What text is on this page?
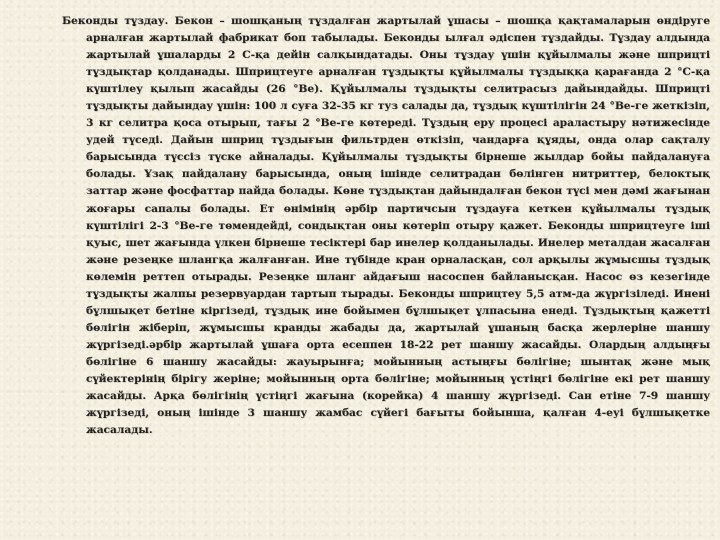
Беконды тұздау. Бекон – шошқаның тұздалған жартылай ұшасы – шошқа қақтамаларын өндіруге арналған жартылай фабрикат боп табылады. Беконды ылғал әдіспен тұздайды. Тұздау алдында жартылай ұшаларды 2 С-қа дейін салқындатады. Оны тұздау үшін құйылмалы және шприцті тұздықтар қолданады. Шприцтеуге арналған тұздықты құйылмалы тұздыққа қарағанда 2 °С-қа күштілеу қылып жасайды (26 °Ве). Құйылмалы тұздықты селитрасыз дайындайды. Шприцті тұздықты дайындау үшін: 100 л суға 32-35 кг туз салады да, тұздық күштілігін 24 °Ве-ге жеткізіп, 3 кг селитра қоса отырып, тағы 2 °Ве-ге көтереді. Тұздың еру процесі араластыру нәтижесінде удей түседі. Дайын шприц тұздығын фильтрден өткізіп, чандарға құяды, онда олар сақталу барысында түссіз түске айналады. Құйылмалы тұздықты бірнеше жылдар бойы пайдалануға болады. Ұзақ пайдалану барысында, оның ішінде селитрадан бөлінген нитриттер, белоктық заттар және фосфаттар пайда болады. Көне тұздықтан дайындалған бекон түсі мен дәмі жағынан жоғары сапалы болады. Ет өнімінің әрбір партичсын тұздауға кеткен құйылмалы тұздық күштілігі 2-3 °Ве-ге төмендейді, сондықтан оны көтеріп отыру қажет. Беконды шприцтеуге іші қуыс, шет жағында үлкен бірнеше тесіктері бар инелер қолданылады. Инелер металдан жасалған және резеңке шлангқа жалғанған. Ине түбінде кран орналасқан, сол арқылы жұмысшы тұздық көлемін реттеп отырады. Резеңке шланг айдағыш насоспен байланысқан. Насос өз кезегінде тұздықты жалпы резервуардан тартып тырады. Беконды шприцтеу 5,5 атм-да жүргізіледі. Инені бұлшықет бетіне кіргізеді, тұздық ине бойымен бұлшықет ұлпасына енеді. Тұздықтың қажетті бөлігін жіберіп, жұмысшы кранды жабады да, жартылай ұшаның басқа жерлеріне шаншу жүргізеді.әрбір жартылай ұшаға орта есеппен 18-22 рет шаншу жасайды. Олардың алдыңғы бөлігіне 6 шаншу жасайды: жауырынға; мойынның астыңғы бөлігіне; шынтақ және мық сүйектерінің бірігу жеріне; мойынның орта бөлігіне; мойынның үстіңгі бөлігіне екі рет шаншу жасайды. Арқа бөлігінің үстіңгі жағына (корейка) 4 шаншу жүргізеді. Сан етіне 7-9 шаншу жүргізеді, оның ішінде 3 шаншу жамбас сүйегі бағыты бойынша, қалған 4-еуі бұлшықетке жасалады.
